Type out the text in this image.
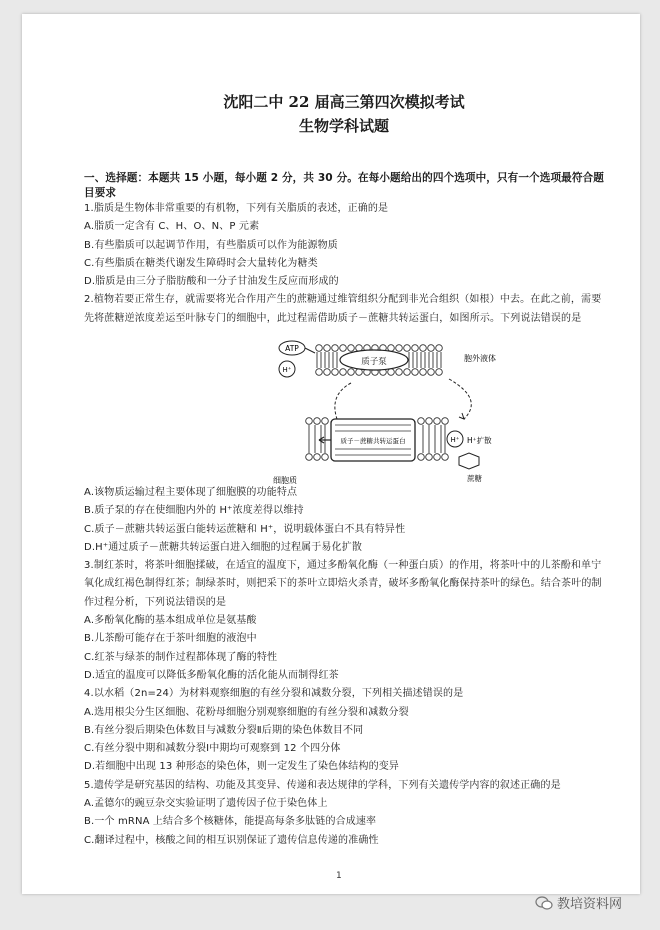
沈阳二中 22 届高三第四次模拟考试
生物学科试题
一、选择题：本题共 15 小题，每小题 2 分，共 30 分。在每小题给出的四个选项中，只有一个选项最符合题目要求
1.脂质是生物体非常重要的有机物，下列有关脂质的表述，正确的是
A.脂质一定含有 C、H、O、N、P 元素
B.有些脂质可以起调节作用，有些脂质可以作为能源物质
C.有些脂质在糖类代谢发生障碍时会大量转化为糖类
D.脂质是由三分子脂肪酸和一分子甘油发生反应而形成的
2.植物若要正常生存，就需要将光合作用产生的蔗糖通过维管组织分配到非光合组织（如根）中去。在此之前，需要先将蔗糖逆浓度差运至叶脉专门的细胞中，此过程需借助质子－蔗糖共转运蛋白，如图所示。下列说法错误的是
质子泵
ATP
H⁺
胞外液体
质子－蔗糖共转运蛋白	H⁺ H⁺扩散
蔗糖
细胞质
A.该物质运输过程主要体现了细胞膜的功能特点
B.质子泵的存在使细胞内外的 H⁺浓度差得以维持
C.质子－蔗糖共转运蛋白能转运蔗糖和 H⁺，说明载体蛋白不具有特异性
D.H⁺通过质子－蔗糖共转运蛋白进入细胞的过程属于易化扩散
3.制红茶时，将茶叶细胞揉破，在适宜的温度下，通过多酚氧化酶（一种蛋白质）的作用，将茶叶中的儿茶酚和单宁氧化成红褐色制得红茶；制绿茶时，则把采下的茶叶立即焙火杀青，破坏多酚氧化酶保持茶叶的绿色。结合茶叶的制作过程分析，下列说法错误的是
A.多酚氧化酶的基本组成单位是氨基酸
B.儿茶酚可能存在于茶叶细胞的液泡中
C.红茶与绿茶的制作过程都体现了酶的特性
D.适宜的温度可以降低多酚氧化酶的活化能从而制得红茶
4.以水稻（2n=24）为材料观察细胞的有丝分裂和减数分裂，下列相关描述错误的是
A.选用根尖分生区细胞、花粉母细胞分别观察细胞的有丝分裂和减数分裂
B.有丝分裂后期染色体数目与减数分裂Ⅱ后期的染色体数目不同
C.有丝分裂中期和减数分裂Ⅰ中期均可观察到 12 个四分体
D.若细胞中出现 13 种形态的染色体，则一定发生了染色体结构的变异
5.遗传学是研究基因的结构、功能及其变异、传递和表达规律的学科，下列有关遗传学内容的叙述正确的是
A.孟德尔的豌豆杂交实验证明了遗传因子位于染色体上
B.一个 mRNA 上结合多个核糖体，能提高每条多肽链的合成速率
C.翻译过程中，核酸之间的相互识别保证了遗传信息传递的准确性
1
教培资料网
